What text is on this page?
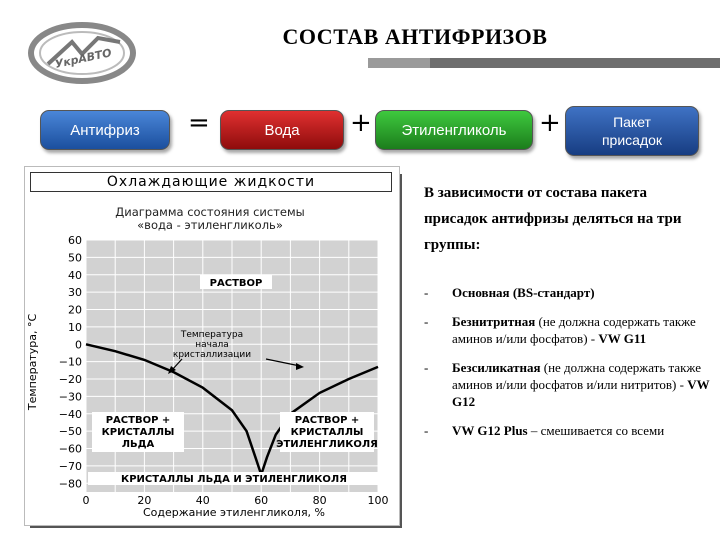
УкрАВТО
СОСТАВ АНТИФРИЗОВ
Антифриз	=	Вода	+	Этиленгликоль	+	Пакет
присадок
Охлаждающие жидкости
Диаграмма состояния системы
«вода - этиленгликоль»
60
50
40
30
20
10
0
−10
−20
−30
−40
−50
−60
−70
−80
0	20	40	60	80	100
РАСТВОР
Температура
начала
кристаллизации
РАСТВОР +
КРИСТАЛЛЫ
ЛЬДА
РАСТВОР +
КРИСТАЛЛЫ
ЭТИЛЕНГЛИКОЛЯ
КРИСТАЛЛЫ ЛЬДА И ЭТИЛЕНГЛИКОЛЯ
Температура, °C
Содержание этиленгликоля, %
В зависимости от состава пакета присадок антифризы деляться на три группы:
- Основная (BS-стандарт)
- Безнитритная (не должна содержать также аминов и/или фосфатов) - VW G11
- Безсиликатная (не должна содержать также аминов и/или фосфатов и/или нитритов) - VW G12
- VW G12 Plus – смешивается со всеми
